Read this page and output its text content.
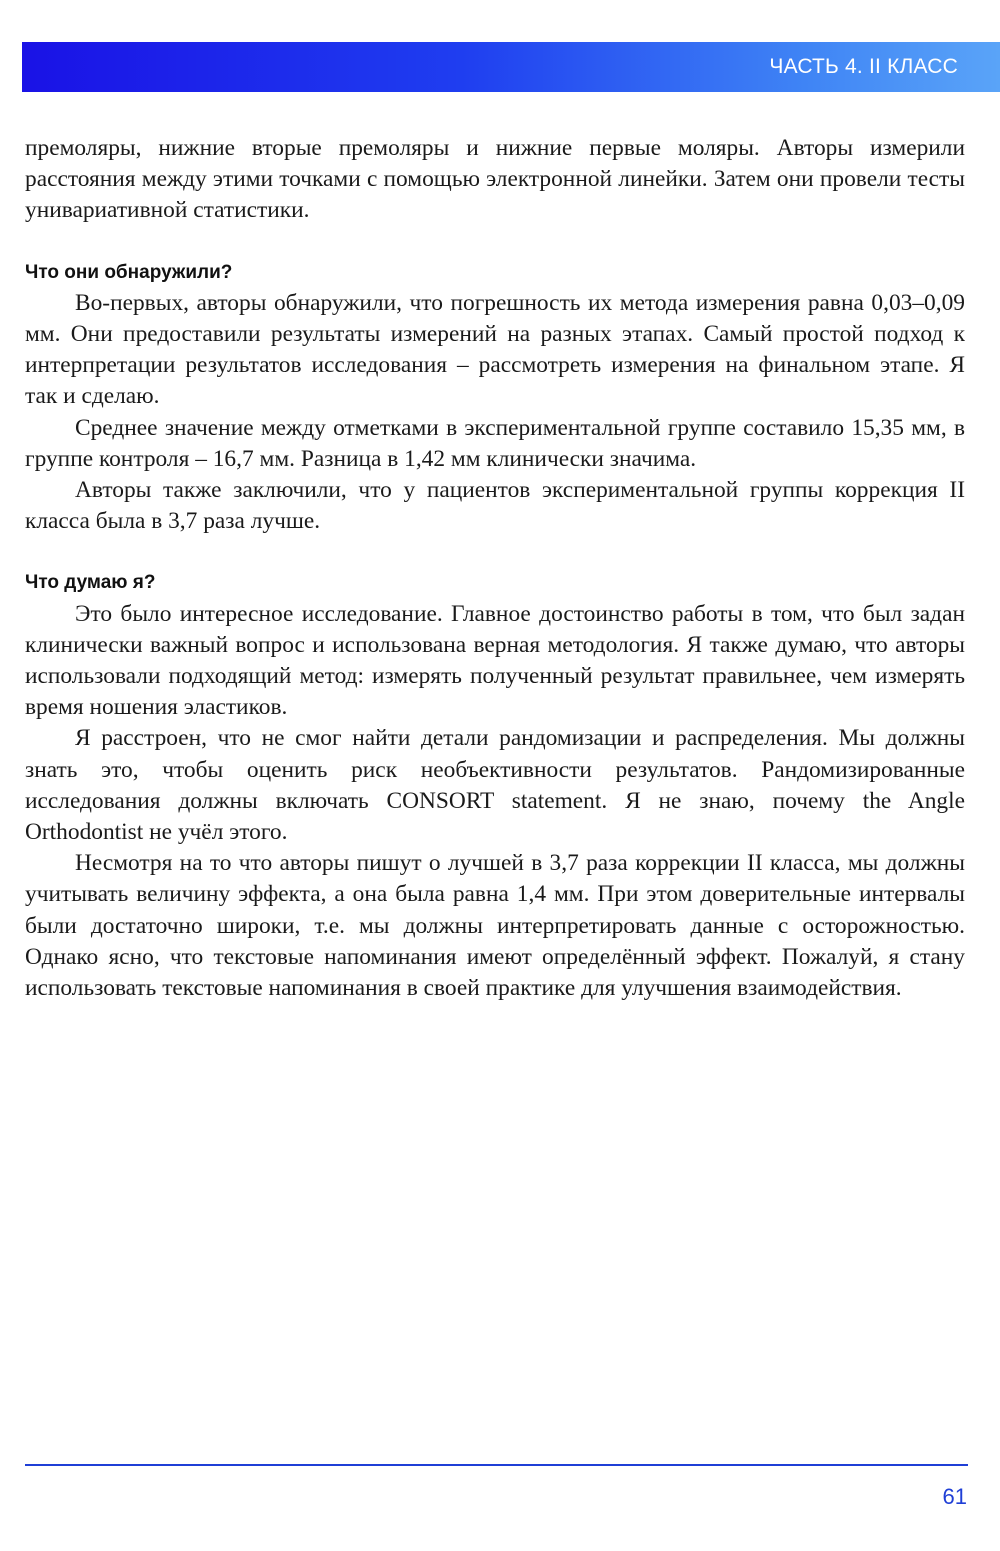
ЧАСТЬ 4. II КЛАСС

премоляры, нижние вторые премоляры и нижние первые моляры. Авторы измерили расстояния между этими точками с помощью электронной линейки. Затем они провели тесты унивариативной статистики.

Что они обнаружили?

Во-первых, авторы обнаружили, что погрешность их метода измерения равна 0,03–0,09 мм. Они предоставили результаты измерений на разных этапах. Самый простой подход к интерпретации результатов исследования – рассмотреть измерения на финальном этапе. Я так и сделаю.

Среднее значение между отметками в экспериментальной группе составило 15,35 мм, в группе контроля – 16,7 мм. Разница в 1,42 мм клинически значима.

Авторы также заключили, что у пациентов экспериментальной группы коррекция II класса была в 3,7 раза лучше.

Что думаю я?

Это было интересное исследование. Главное достоинство работы в том, что был задан клинически важный вопрос и использована верная методология. Я также думаю, что авторы использовали подходящий метод: измерять полученный результат правильнее, чем измерять время ношения эластиков.

Я расстроен, что не смог найти детали рандомизации и распределения. Мы должны знать это, чтобы оценить риск необъективности результатов. Рандомизированные исследования должны включать CONSORT statement. Я не знаю, почему the Angle Orthodontist не учёл этого.

Несмотря на то что авторы пишут о лучшей в 3,7 раза коррекции II класса, мы должны учитывать величину эффекта, а она была равна 1,4 мм. При этом доверительные интервалы были достаточно широки, т.е. мы должны интерпретировать данные с осторожностью. Однако ясно, что текстовые напоминания имеют определённый эффект. Пожалуй, я стану использовать текстовые напоминания в своей практике для улучшения взаимодействия.

61
